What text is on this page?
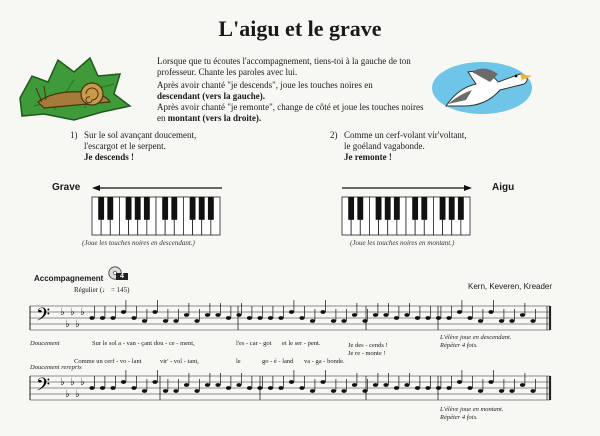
L'aigu et le grave
Lorsque que tu écoutes l'accompagnement, tiens-toi à la gauche de ton professeur. Chante les paroles avec lui.
Après avoir chanté "je descends", joue les touches noires en
descendant (vers la gauche).
Après avoir chanté "je remonte", change de côté et joue les touches noires en montant (vers la droite).
1) Sur le sol avançant doucement,
l'escargot et le serpent.
Je descends !
2) Comme un cerf-volant vir'voltant,
le goéland vagabonde.
Je remonte !
Grave	Aigu
(Joue les touches noires en descendant.)	(Joue les touches noires en montant.)
Accompagnement	4
Régulier (♩ = 145)	Kern, Keveren, Kreader
𝄢 ♭
♭
♭
♭
♭
𝄢 ♭
♭
♭
♭
♭
Doucement	Sur le sol a - van - çant dou - ce - ment,	l'es - car - got et le ser - pent.	Je des - cends !
L'élève joue en descendant.
Répéter 4 fois.
Doucement rerepris
Comme un cerf - vo - lant	vir' - vol - tant,	le	go - é - land va - ga - bonde.
Je re - monte !
L'élève joue en montant.
Répéter 4 fois.
